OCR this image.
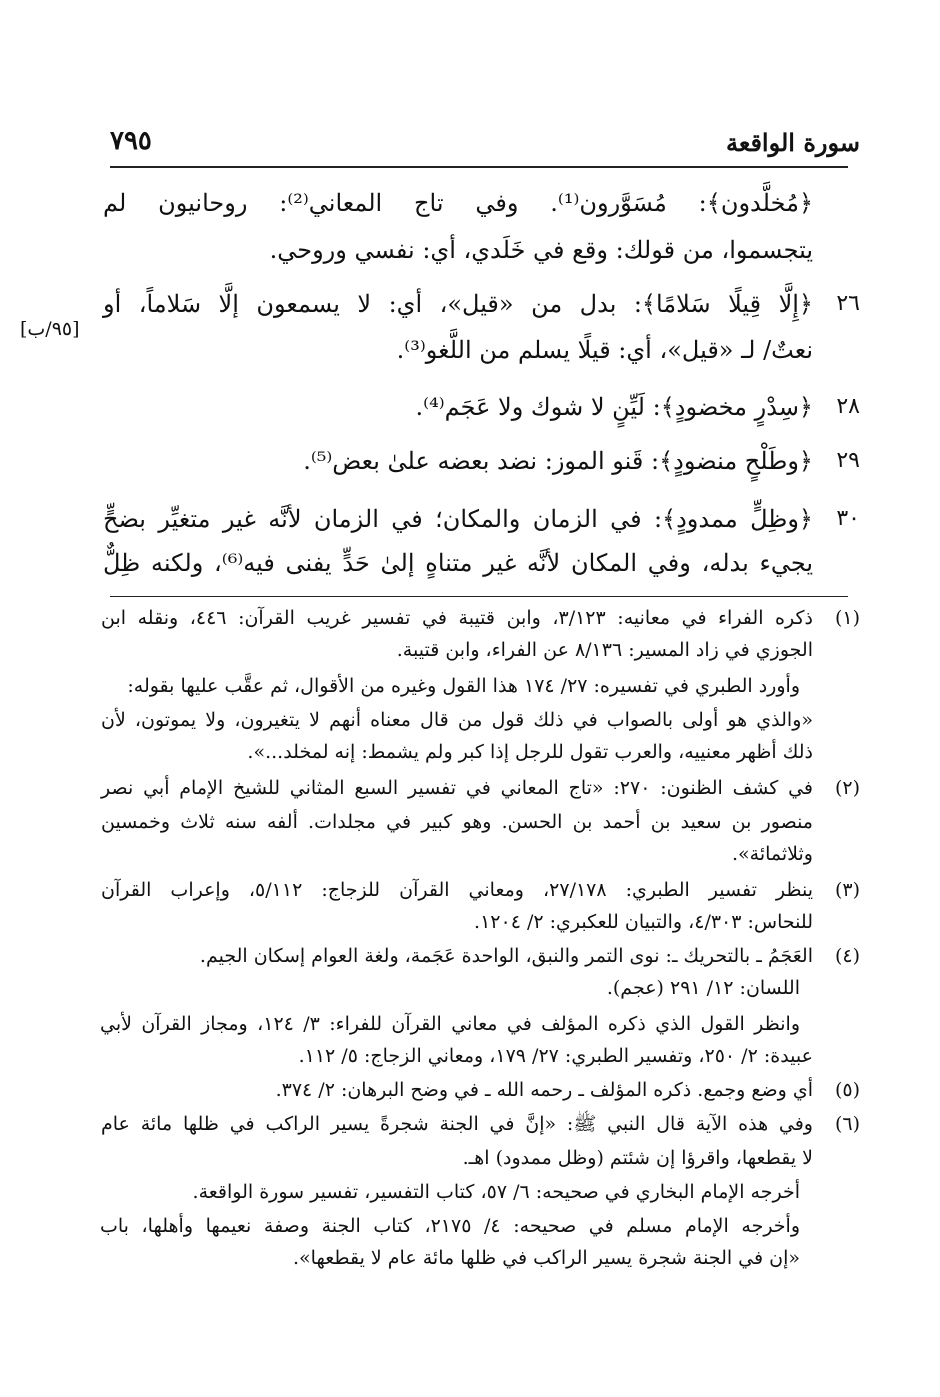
سورة الواقعة
٧٩٥
[٩٥/ب]
﴿مُخلَّدون﴾: مُسَوَّرون⁽¹⁾. وفي تاج المعاني⁽²⁾: روحانيون لم
يتجسموا، من قولك: وقع في خَلَدي، أي: نفسي وروحي.
٢٦
﴿إِلَّا قِيلًا سَلامًا﴾: بدل من «قيل»، أي: لا يسمعون إلَّا سَلاماً، أو
نعتٌ/ لـ «قيل»، أي: قيلًا يسلم من اللَّغو⁽³⁾.
٢٨
﴿سِدْرٍ مخضودٍ﴾: لَيِّنٍ لا شوك ولا عَجَم⁽⁴⁾.
٢٩
﴿وطَلْحٍ منضودٍ﴾: قَنو الموز: نضد بعضه علىٰ بعض⁽⁵⁾.
٣٠
﴿وظِلٍّ ممدودٍ﴾: في الزمان والمكان؛ في الزمان لأنَّه غير متغيِّر بضحٍّ
يجيء بدله، وفي المكان لأنَّه غير متناهٍ إلىٰ حَدٍّ يفنى فيه⁽⁶⁾، ولكنه ظِلٌّ
(١)
ذكره الفراء في معانيه: ٣/١٢٣، وابن قتيبة في تفسير غريب القرآن: ٤٤٦، ونقله ابن
الجوزي في زاد المسير: ٨/١٣٦ عن الفراء، وابن قتيبة.
وأورد الطبري في تفسيره: ٢٧/ ١٧٤ هذا القول وغيره من الأقوال، ثم عقَّب عليها بقوله:
«والذي هو أولى بالصواب في ذلك قول من قال معناه أنهم لا يتغيرون، ولا يموتون، لأن
ذلك أظهر معنييه، والعرب تقول للرجل إذا كبر ولم يشمط: إنه لمخلد...».
(٢)
في كشف الظنون: ٢٧٠: «تاج المعاني في تفسير السبع المثاني للشيخ الإمام أبي نصر
منصور بن سعيد بن أحمد بن الحسن. وهو كبير في مجلدات. ألفه سنه ثلاث وخمسين
وثلاثمائة».
(٣)
ينظر تفسير الطبري: ٢٧/١٧٨، ومعاني القرآن للزجاج: ٥/١١٢، وإعراب القرآن
للنحاس: ٤/٣٠٣، والتبيان للعكبري: ٢/ ١٢٠٤.
(٤)
العَجَمُ ـ بالتحريك ـ: نوى التمر والنبق، الواحدة عَجَمة، ولغة العوام إسكان الجيم.
اللسان: ١٢/ ٢٩١ (عجم).
وانظر القول الذي ذكره المؤلف في معاني القرآن للفراء: ٣/ ١٢٤، ومجاز القرآن لأبي
عبيدة: ٢/ ٢٥٠، وتفسير الطبري: ٢٧/ ١٧٩، ومعاني الزجاج: ٥/ ١١٢.
(٥)
أي وضع وجمع. ذكره المؤلف ـ رحمه الله ـ في وضح البرهان: ٢/ ٣٧٤.
(٦)
وفي هذه الآية قال النبي ﷺ: «إنَّ في الجنة شجرةً يسير الراكب في ظلها مائة عام
لا يقطعها، واقرؤا إن شئتم (وظل ممدود) اهـ.
أخرجه الإمام البخاري في صحيحه: ٦/ ٥٧، كتاب التفسير، تفسير سورة الواقعة.
وأخرجه الإمام مسلم في صحيحه: ٤/ ٢١٧٥، كتاب الجنة وصفة نعيمها وأهلها، باب
«إن في الجنة شجرة يسير الراكب في ظلها مائة عام لا يقطعها».
